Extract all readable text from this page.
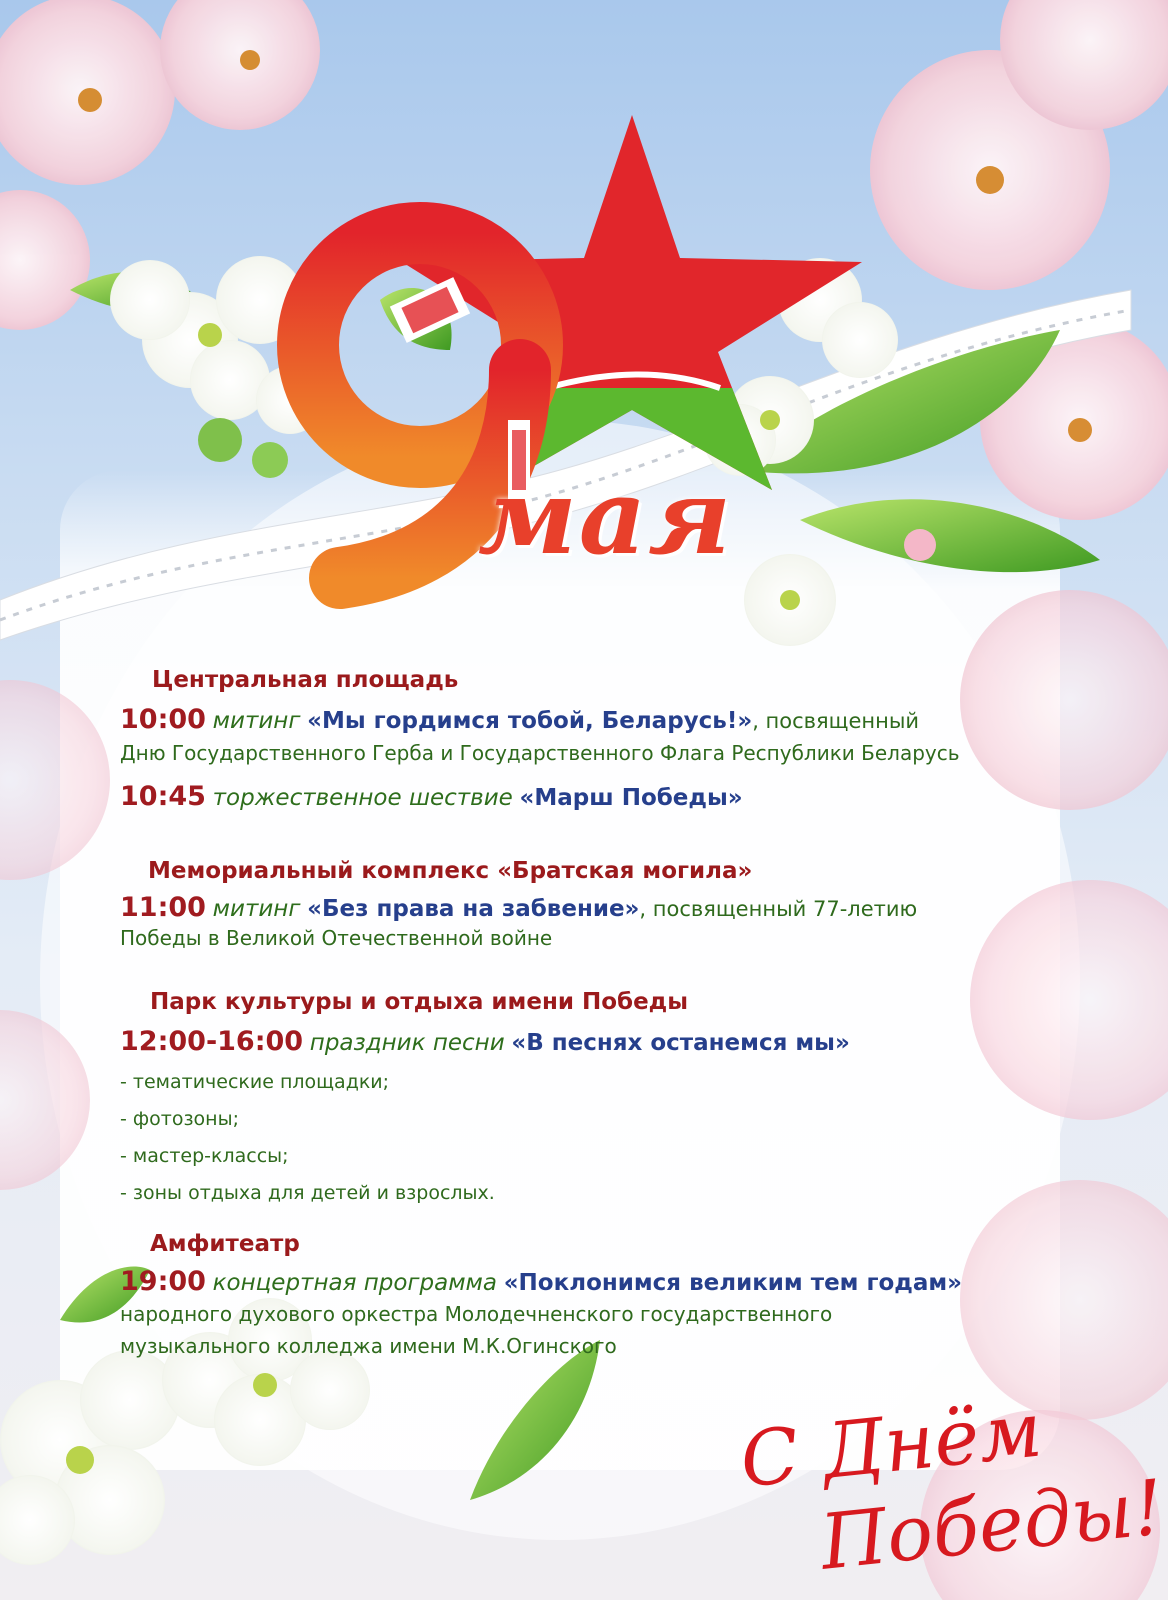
мая
Центральная площадь
10:00 митинг «Мы гордимся тобой, Беларусь!», посвященный
Дню Государственного Герба и Государственного Флага Республики Беларусь
10:45 торжественное шествие «Марш Победы»
Мемориальный комплекс «Братская могила»
11:00 митинг «Без права на забвение», посвященный 77-летию
Победы в Великой Отечественной войне
Парк культуры и отдыха имени Победы
12:00-16:00 праздник песни «В песнях останемся мы»
- тематические площадки;
- фотозоны;
- мастер-классы;
- зоны отдыха для детей и взрослых.
Амфитеатр
19:00 концертная программа «Поклонимся великим тем годам»
народного духового оркестра Молодечненского государственного
музыкального колледжа имени М.К.Огинского
С Днём
Победы!
